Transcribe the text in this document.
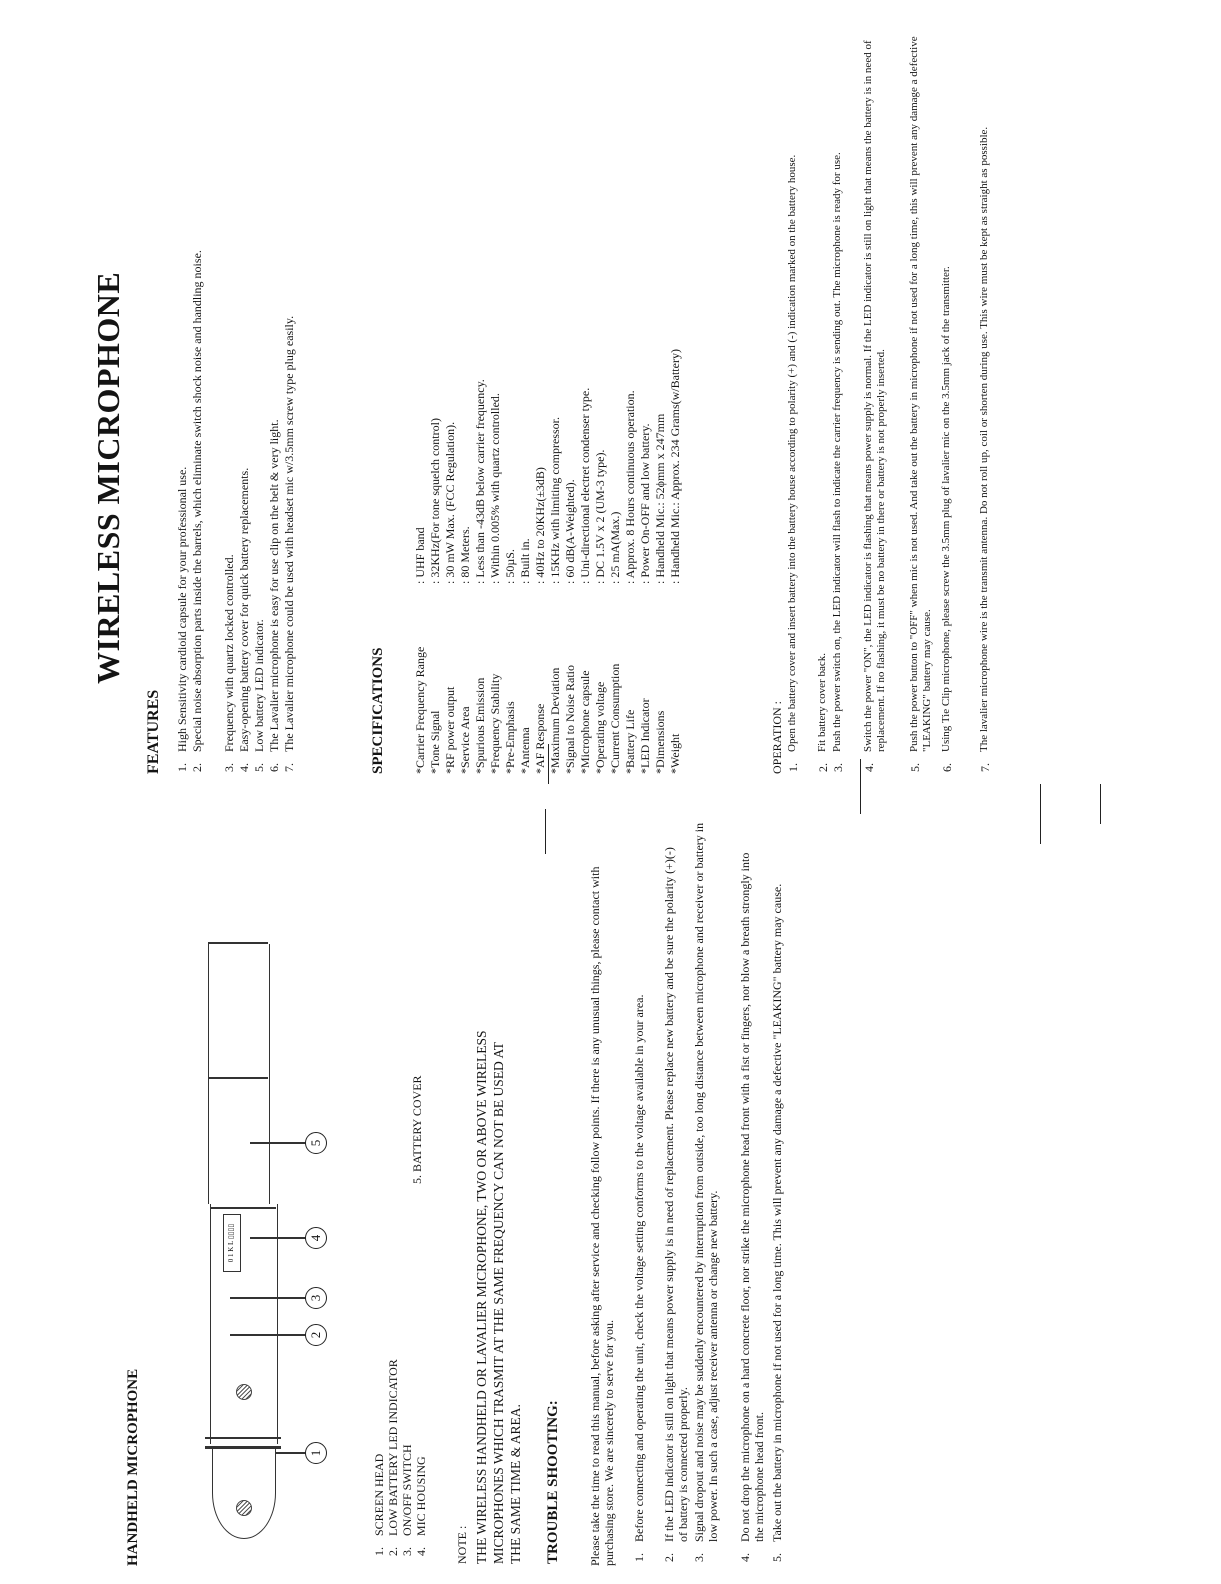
HANDHELD MICROPHONE
0 1 K L ▯▯▯▯
1
2
3
4
5
1.
SCREEN HEAD
2.
LOW BATTERY LED INDICATOR
3.
ON/OFF SWITCH
4.
MIC HOUSING
5. BATTERY COVER
NOTE : THE WIRELESS HANDHELD OR LAVALIER MICROPHONE, TWO OR ABOVE WIRELESS MICROPHONES WHICH TRASMIT AT THE SAME FREQUENCY CAN NOT BE USED AT THE SAME TIME & AREA. TROUBLE SHOOTING: Please take the time to read this manual, before asking after service and checking follow points. If there is any unusual things, please contact with purchasing store. We are sincerely to serve for you. 1.
Before connecting and operating the unit, check the voltage setting conforms to the voltage available in your area.
2.
If the LED indicator is still on light that means power supply is in need of replacement. Please replace new battery and be sure the polarity (+)(-) of battery is connected properly.
3.
Signal dropout and noise may be suddenly encountered by interruption from outside, too long distance between microphone and receiver or battery in low power. In such a case, adjust receiver antenna or change new battery.
4.
Do not drop the microphone on a hard concrete floor, nor strike the microphone head front with a fist or fingers, nor blow a breath strongly into the microphone head front.
5.
Take out the battery in microphone if not used for a long time. This will prevent any damage a defective "LEAKING" battery may cause.
WIRELESS MICROPHONE
FEATURES 1.
High Sensitivity cardioid capsule for your professional use.
2.
Special noise absorption parts inside the barrels, which eliminate switch shock noise and handling noise.
3.
Frequency with quartz locked controlled.
4.
Easy-opening battery cover for quick battery replacements.
5.
Low battery LED indicator.
6.
The Lavalier microphone is easy for use clip on the belt & very light.
7.
The Lavalier microphone could be used with headset mic w/3.5mm screw type plug easily.	SPECIFICATIONS *Carrier Frequency Range
: UHF band
*Tone Signal
: 32KHz(For tone squelch control)
*RF power output
: 30 mW Max. (FCC Regulation).
*Service Area
: 80 Meters.
*Spurious Emission
: Less than -43dB below carrier frequency.
*Frequency Stability
: Within 0.005% with quartz controlled.
*Pre-Emphasis
: 50µS.
*Antenna
: Built in.
*AF Response
: 40Hz to 20KHz(±3dB)
*Maximum Deviation
: 15KHz with limiting compressor.
*Signal to Noise Ratio
: 60 dB(A-Weighted).
*Microphone capsule
: Uni-directional electret condenser type.
*Operating voltage
: DC 1.5V x 2 (UM-3 type).
*Current Consumption
: 25 mA(Max.)
*Battery Life
: Approx. 8 Hours continuous operation.
*LED Indicator
: Power On-OFF and low battery.
*Dimensions
: Handheld Mic.: 52ϕmm x 247mm
*Weight
: Handheld Mic.: Approx. 234 Grams(w/Battery)
OPERATION : 1.
Open the battery cover and insert battery into the battery house according to polarity (+) and (-) indication marked on the battery house.
2.
Fit battery cover back.
3.
Push the power switch on, the LED indicator will flash to indicate the carrier frequency is sending out. The microphone is ready for use.
4.
Switch the power "ON", the LED indicator is flashing that means power supply is normal. If the LED indicator is still on light that means the battery is in need of replacement. If no flashing, it must be no battery in there or battery is not properly inserted.
5.
Push the power button to "OFF" when mic is not used. And take out the battery in microphone if not used for a long time, this will prevent any damage a defective "LEAKING" battery may cause.
6.
Using Tie Clip microphone, please screw the 3.5mm plug of lavalier mic on the 3.5mm jack of the transmitter.
7.
The lavalier microphone wire is the transmit antenna. Do not roll up, coil or shorten during use. This wire must be kept as straight as possible.
